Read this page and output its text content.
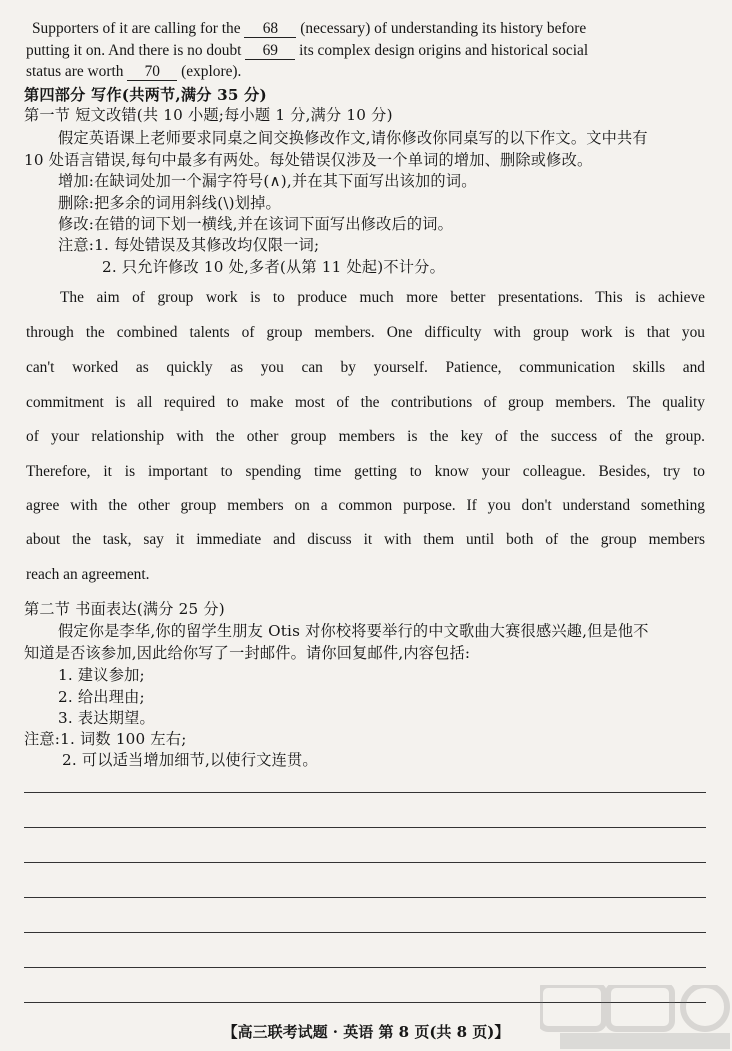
Supporters of it are calling for the 68 (necessary) of understanding its history before
putting it on. And there is no doubt 69 its complex design origins and historical social
status are worth 70 (explore).
第四部分 写作(共两节,满分 35 分)
第一节 短文改错(共 10 小题;每小题 1 分,满分 10 分)
假定英语课上老师要求同桌之间交换修改作文,请你修改你同桌写的以下作文。文中共有
10 处语言错误,每句中最多有两处。每处错误仅涉及一个单词的增加、删除或修改。
增加:在缺词处加一个漏字符号(∧),并在其下面写出该加的词。
删除:把多余的词用斜线(\)划掉。
修改:在错的词下划一横线,并在该词下面写出修改后的词。
注意:1. 每处错误及其修改均仅限一词;
2. 只允许修改 10 处,多者(从第 11 处起)不计分。
The aim of group work is to produce much more better presentations. This is achieve
through the combined talents of group members. One difficulty with group work is that you
can't worked as quickly as you can by yourself. Patience, communication skills and
commitment is all required to make most of the contributions of group members. The quality
of your relationship with the other group members is the key of the success of the group.
Therefore, it is important to spending time getting to know your colleague. Besides, try to
agree with the other group members on a common purpose. If you don't understand something
about the task, say it immediate and discuss it with them until both of the group members
reach an agreement.
第二节 书面表达(满分 25 分)
假定你是李华,你的留学生朋友 Otis 对你校将要举行的中文歌曲大赛很感兴趣,但是他不
知道是否该参加,因此给你写了一封邮件。请你回复邮件,内容包括:
1. 建议参加;
2. 给出理由;
3. 表达期望。
注意:1. 词数 100 左右;
2. 可以适当增加细节,以使行文连贯。
【高三联考试题 · 英语 第 8 页(共 8 页)】
